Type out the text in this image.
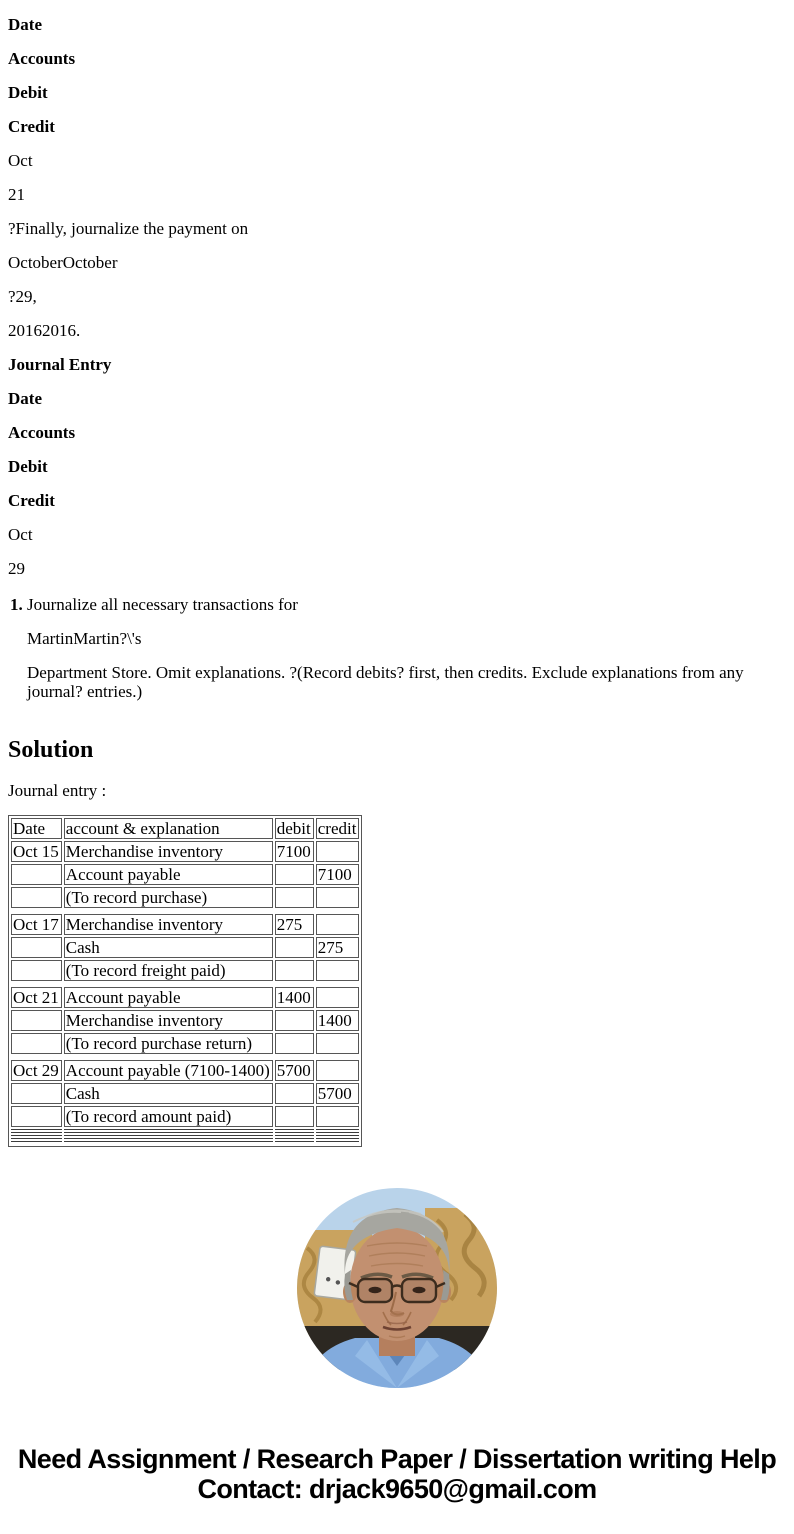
Date

Accounts

Debit

Credit

Oct

21

?Finally, journalize the payment on

OctoberOctober

?29,

20162016.

Journal Entry

Date

Accounts

Debit

Credit

Oct

29

1. Journalize all necessary transactions for

MartinMartin?\'s

Department Store. Omit explanations. ?(Record debits? first, then credits. Exclude explanations from any journal? entries.)

Solution

Journal entry :

Date	account & explanation	debit	credit
Oct 15	Merchandise inventory	7100	
	Account payable		7100
	(To record purchase)		

Oct 17	Merchandise inventory	275	
	Cash		275
	(To record freight paid)		

Oct 21	Account payable	1400	
	Merchandise inventory		1400
	(To record purchase return)		

Oct 29	Account payable (7100-1400)	5700	
	Cash		5700
	(To record amount paid)		

Need Assignment / Research Paper / Dissertation writing Help
Contact: drjack9650@gmail.com
